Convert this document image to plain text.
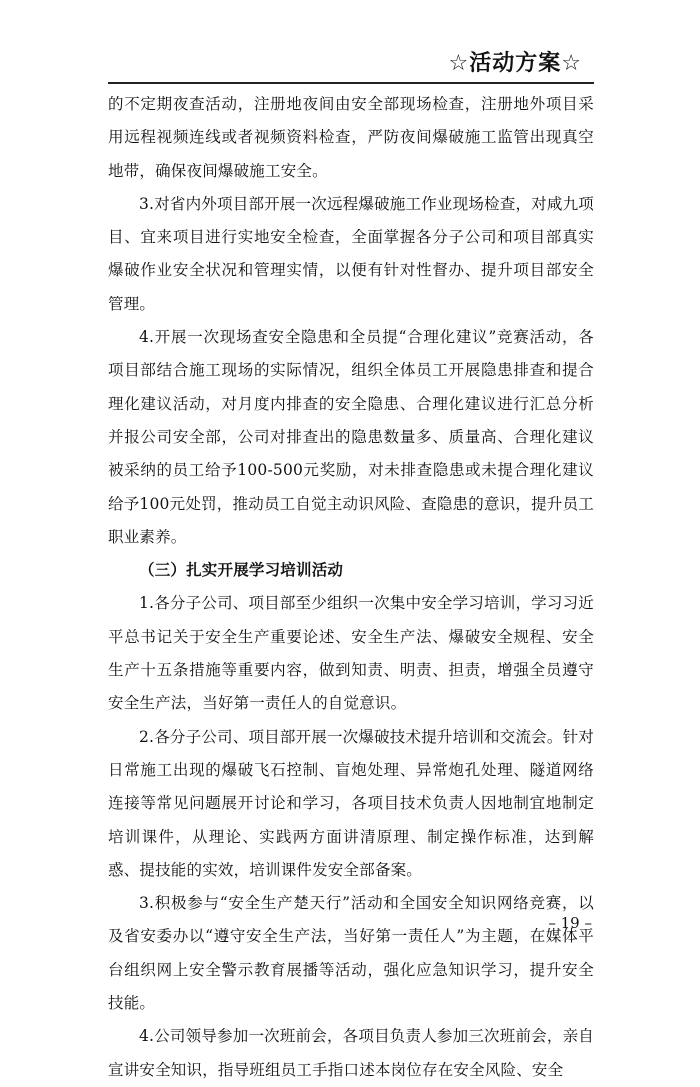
☆活动方案☆

的不定期夜查活动，注册地夜间由安全部现场检查，注册地外项目采用远程视频连线或者视频资料检查，严防夜间爆破施工监管出现真空地带，确保夜间爆破施工安全。

3.对省内外项目部开展一次远程爆破施工作业现场检查，对咸九项目、宜来项目进行实地安全检查，全面掌握各分子公司和项目部真实爆破作业安全状况和管理实情，以便有针对性督办、提升项目部安全管理。

4.开展一次现场查安全隐患和全员提“合理化建议”竞赛活动，各项目部结合施工现场的实际情况，组织全体员工开展隐患排查和提合理化建议活动，对月度内排查的安全隐患、合理化建议进行汇总分析并报公司安全部，公司对排查出的隐患数量多、质量高、合理化建议被采纳的员工给予100-500元奖励，对未排查隐患或未提合理化建议给予100元处罚，推动员工自觉主动识风险、查隐患的意识，提升员工职业素养。

（三）扎实开展学习培训活动

1.各分子公司、项目部至少组织一次集中安全学习培训，学习习近平总书记关于安全生产重要论述、安全生产法、爆破安全规程、安全生产十五条措施等重要内容，做到知责、明责、担责，增强全员遵守安全生产法，当好第一责任人的自觉意识。

2.各分子公司、项目部开展一次爆破技术提升培训和交流会。针对日常施工出现的爆破飞石控制、盲炮处理、异常炮孔处理、隧道网络连接等常见问题展开讨论和学习，各项目技术负责人因地制宜地制定培训课件，从理论、实践两方面讲清原理、制定操作标准，达到解惑、提技能的实效，培训课件发安全部备案。

3.积极参与“安全生产楚天行”活动和全国安全知识网络竞赛，以及省安委办以“遵守安全生产法，当好第一责任人”为主题，在媒体平台组织网上安全警示教育展播等活动，强化应急知识学习，提升安全技能。

4.公司领导参加一次班前会，各项目负责人参加三次班前会，亲自宣讲安全知识，指导班组员工手指口述本岗位存在安全风险、安全

– 19 –
